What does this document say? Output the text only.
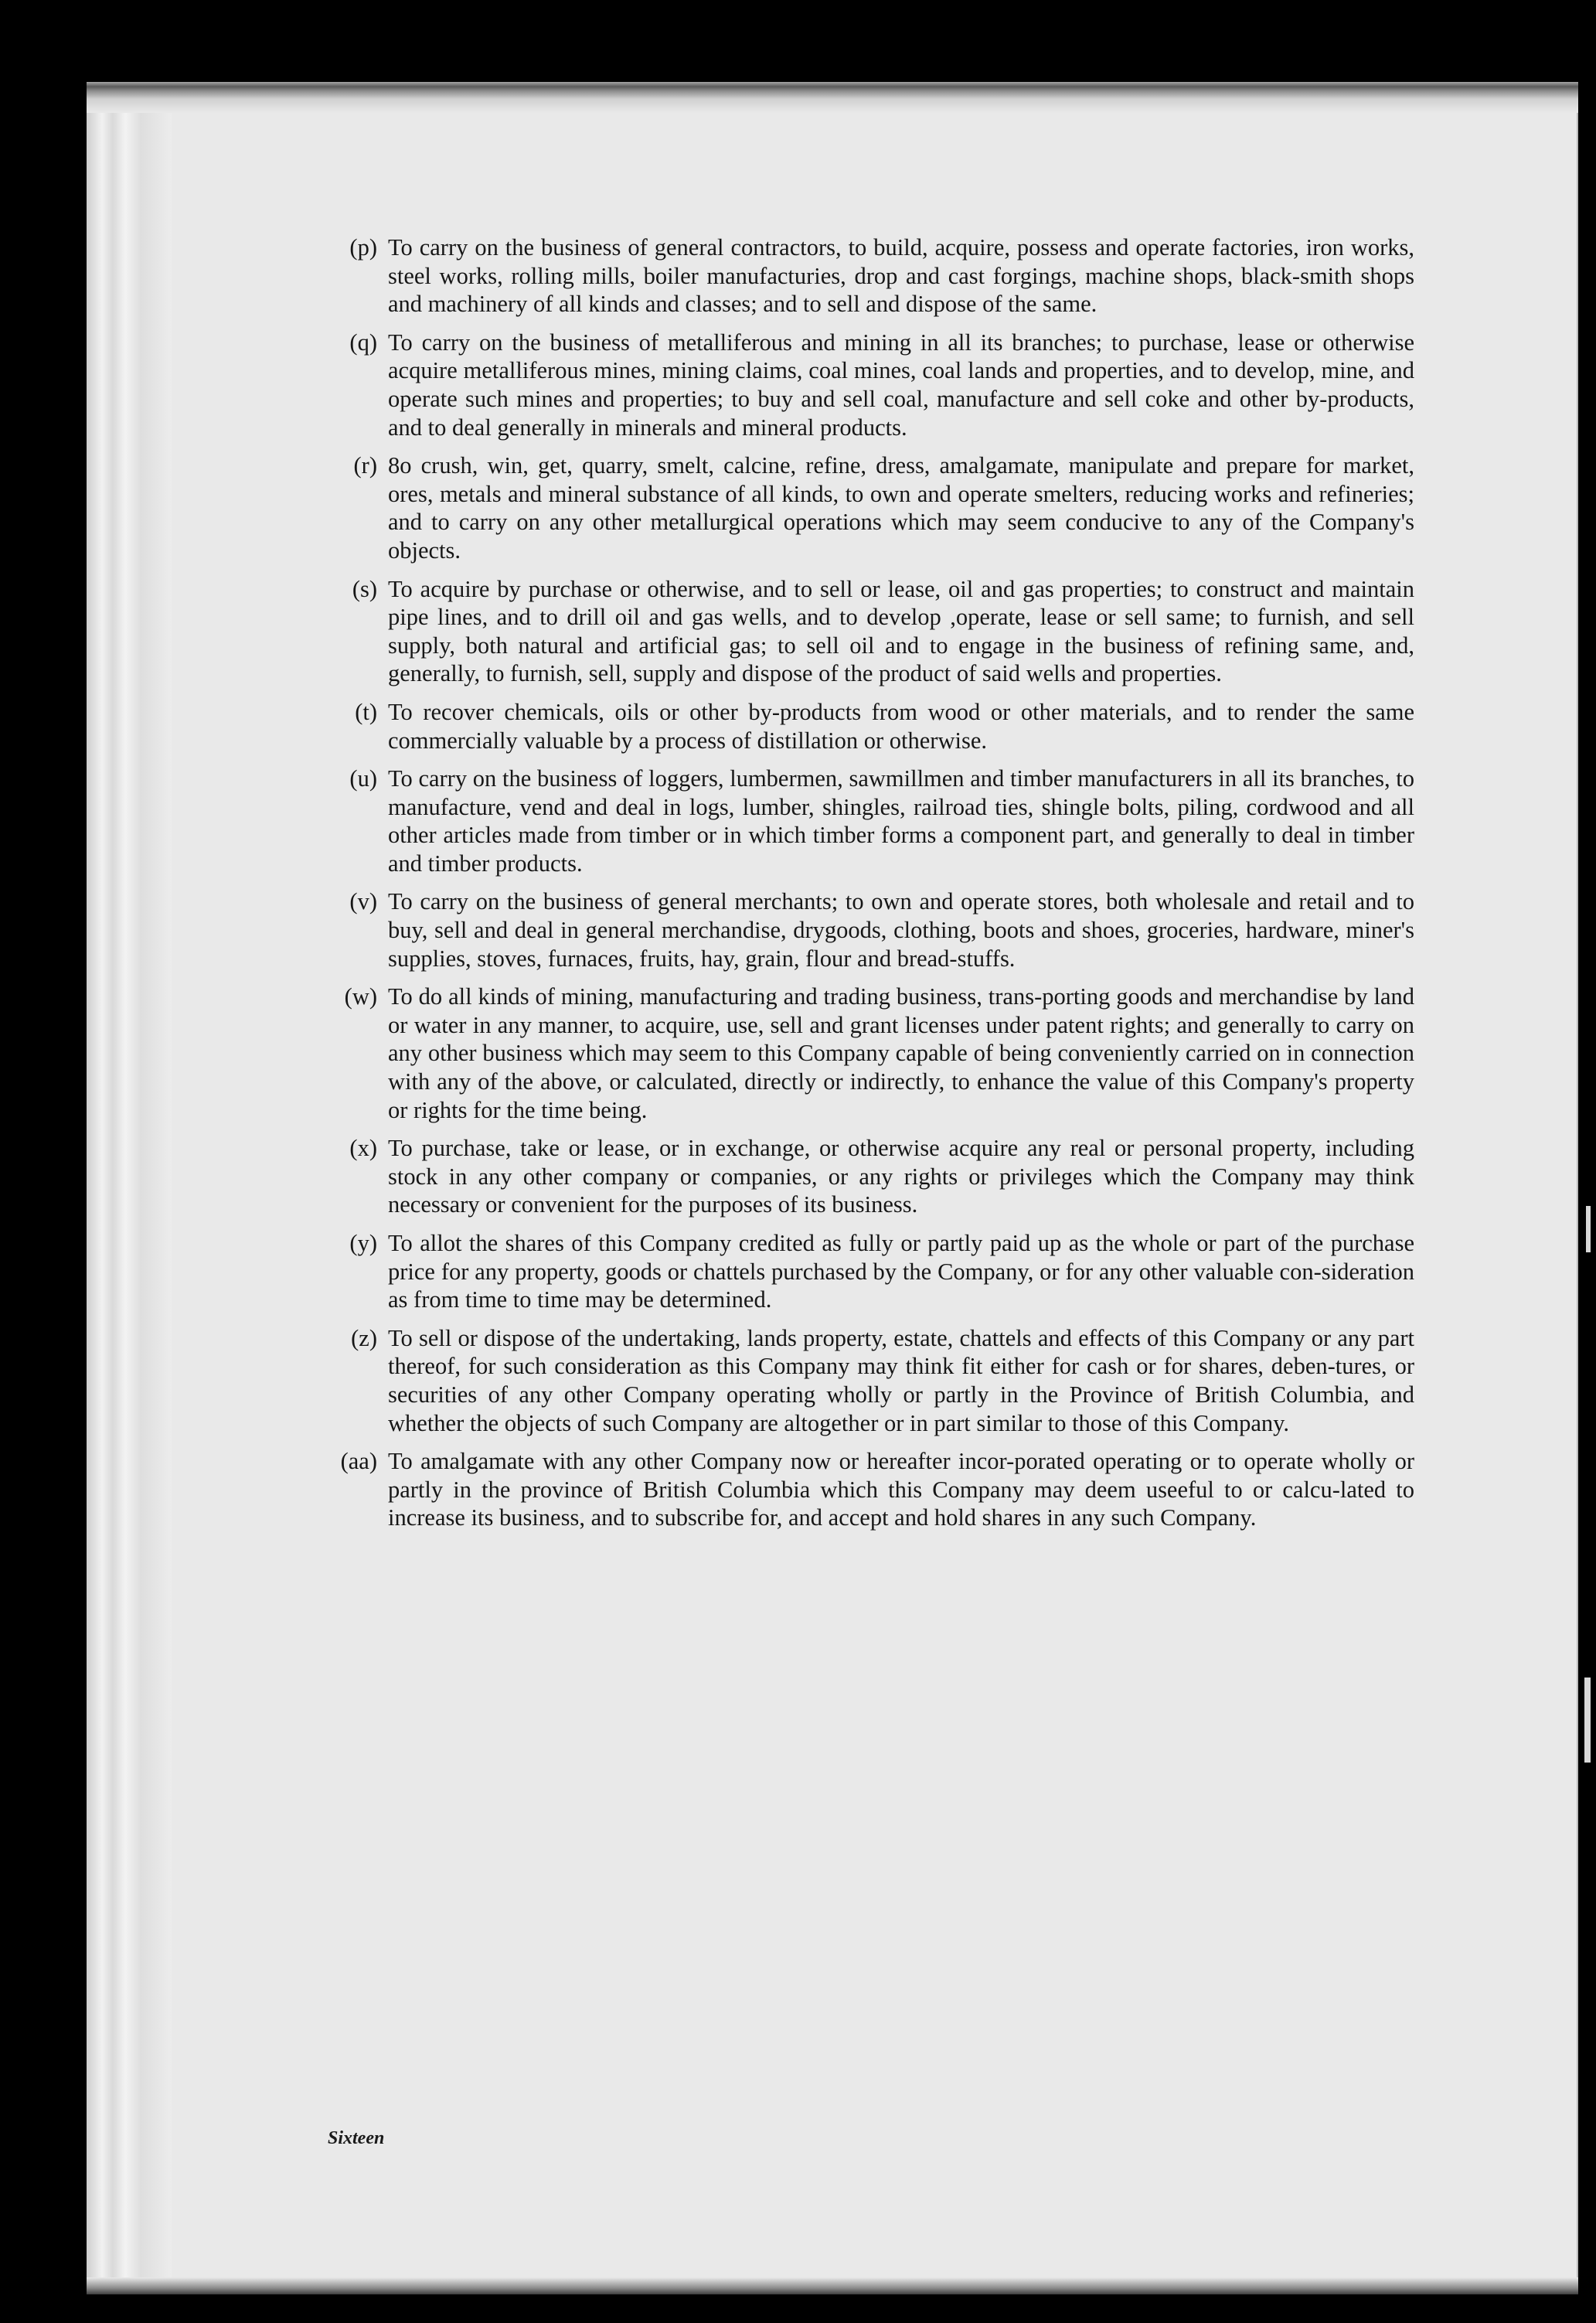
(p) To carry on the business of general contractors, to build, acquire, possess and operate factories, iron works, steel works, rolling mills, boiler manufacturies, drop and cast forgings, machine shops, black-smith shops and machinery of all kinds and classes; and to sell and dispose of the same.
(q) To carry on the business of metalliferous and mining in all its branches; to purchase, lease or otherwise acquire metalliferous mines, mining claims, coal mines, coal lands and properties, and to develop, mine, and operate such mines and properties; to buy and sell coal, manufacture and sell coke and other by-products, and to deal generally in minerals and mineral products.
(r) 8o crush, win, get, quarry, smelt, calcine, refine, dress, amalgamate, manipulate and prepare for market, ores, metals and mineral substance of all kinds, to own and operate smelters, reducing works and refineries; and to carry on any other metallurgical operations which may seem conducive to any of the Company's objects.
(s) To acquire by purchase or otherwise, and to sell or lease, oil and gas properties; to construct and maintain pipe lines, and to drill oil and gas wells, and to develop ,operate, lease or sell same; to furnish, and sell supply, both natural and artificial gas; to sell oil and to engage in the business of refining same, and, generally, to furnish, sell, supply and dispose of the product of said wells and properties.
(t) To recover chemicals, oils or other by-products from wood or other materials, and to render the same commercially valuable by a process of distillation or otherwise.
(u) To carry on the business of loggers, lumbermen, sawmillmen and timber manufacturers in all its branches, to manufacture, vend and deal in logs, lumber, shingles, railroad ties, shingle bolts, piling, cordwood and all other articles made from timber or in which timber forms a component part, and generally to deal in timber and timber products.
(v) To carry on the business of general merchants; to own and operate stores, both wholesale and retail and to buy, sell and deal in general merchandise, drygoods, clothing, boots and shoes, groceries, hardware, miner's supplies, stoves, furnaces, fruits, hay, grain, flour and bread-stuffs.
(w) To do all kinds of mining, manufacturing and trading business, trans-porting goods and merchandise by land or water in any manner, to acquire, use, sell and grant licenses under patent rights; and generally to carry on any other business which may seem to this Company capable of being conveniently carried on in connection with any of the above, or calculated, directly or indirectly, to enhance the value of this Company's property or rights for the time being.
(x) To purchase, take or lease, or in exchange, or otherwise acquire any real or personal property, including stock in any other company or companies, or any rights or privileges which the Company may think necessary or convenient for the purposes of its business.
(y) To allot the shares of this Company credited as fully or partly paid up as the whole or part of the purchase price for any property, goods or chattels purchased by the Company, or for any other valuable con-sideration as from time to time may be determined.
(z) To sell or dispose of the undertaking, lands property, estate, chattels and effects of this Company or any part thereof, for such consideration as this Company may think fit either for cash or for shares, deben-tures, or securities of any other Company operating wholly or partly in the Province of British Columbia, and whether the objects of such Company are altogether or in part similar to those of this Company.
(aa) To amalgamate with any other Company now or hereafter incor-porated operating or to operate wholly or partly in the province of British Columbia which this Company may deem useeful to or calcu-lated to increase its business, and to subscribe for, and accept and hold shares in any such Company.
Sixteen
